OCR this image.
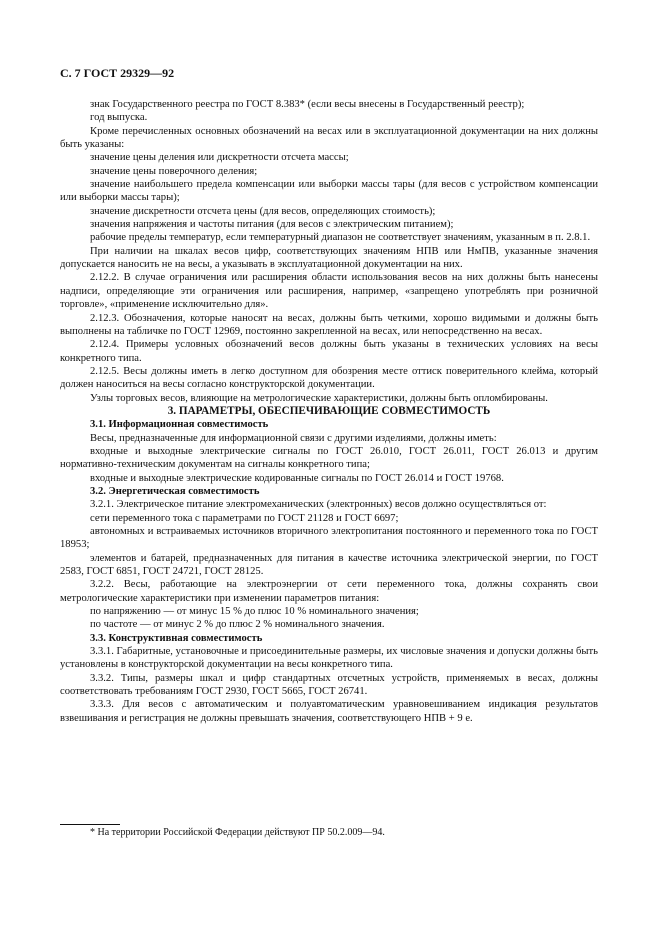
С. 7 ГОСТ 29329—92

знак Государственного реестра по ГОСТ 8.383* (если весы внесены в Государственный реестр);

год выпуска.

Кроме перечисленных основных обозначений на весах или в эксплуатационной документации на них должны быть указаны:

значение цены деления или дискретности отсчета массы;

значение цены поверочного деления;

значение наибольшего предела компенсации или выборки массы тары (для весов с устройством компенсации или выборки массы тары);

значение дискретности отсчета цены (для весов, определяющих стоимость);

значения напряжения и частоты питания (для весов с электрическим питанием);

рабочие пределы температур, если температурный диапазон не соответствует значениям, указанным в п. 2.8.1.

При наличии на шкалах весов цифр, соответствующих значениям НПВ или НмПВ, указанные значения допускается наносить не на весы, а указывать в эксплуатационной документации на них.

2.12.2. В случае ограничения или расширения области использования весов на них должны быть нанесены надписи, определяющие эти ограничения или расширения, например, «запрещено употреблять при розничной торговле», «применение исключительно для».

2.12.3. Обозначения, которые наносят на весах, должны быть четкими, хорошо видимыми и должны быть выполнены на табличке по ГОСТ 12969, постоянно закрепленной на весах, или непосредственно на весах.

2.12.4. Примеры условных обозначений весов должны быть указаны в технических условиях на весы конкретного типа.

2.12.5. Весы должны иметь в легко доступном для обозрения месте оттиск поверительного клейма, который должен наноситься на весы согласно конструкторской документации.

Узлы торговых весов, влияющие на метрологические характеристики, должны быть опломбированы.

3. ПАРАМЕТРЫ, ОБЕСПЕЧИВАЮЩИЕ СОВМЕСТИМОСТЬ

3.1. Информационная совместимость

Весы, предназначенные для информационной связи с другими изделиями, должны иметь:

входные и выходные электрические сигналы по ГОСТ 26.010, ГОСТ 26.011, ГОСТ 26.013 и другим нормативно-техническим документам на сигналы конкретного типа;

входные и выходные электрические кодированные сигналы по ГОСТ 26.014 и ГОСТ 19768.

3.2. Энергетическая совместимость

3.2.1. Электрическое питание электромеханических (электронных) весов должно осуществляться от:

сети переменного тока с параметрами по ГОСТ 21128 и ГОСТ 6697;

автономных и встраиваемых источников вторичного электропитания постоянного и переменного тока по ГОСТ 18953;

элементов и батарей, предназначенных для питания в качестве источника электрической энергии, по ГОСТ 2583, ГОСТ 6851, ГОСТ 24721, ГОСТ 28125.

3.2.2. Весы, работающие на электроэнергии от сети переменного тока, должны сохранять свои метрологические характеристики при изменении параметров питания:

по напряжению — от минус 15 % до плюс 10 % номинального значения;

по частоте — от минус 2 % до плюс 2 % номинального значения.

3.3. Конструктивная совместимость

3.3.1. Габаритные, установочные и присоединительные размеры, их числовые значения и допуски должны быть установлены в конструкторской документации на весы конкретного типа.

3.3.2. Типы, размеры шкал и цифр стандартных отсчетных устройств, применяемых в весах, должны соответствовать требованиям ГОСТ 2930, ГОСТ 5665, ГОСТ 26741.

3.3.3. Для весов с автоматическим и полуавтоматическим уравновешиванием индикация результатов взвешивания и регистрация не должны превышать значения, соответствующего НПВ + 9 е.

* На территории Российской Федерации действуют ПР 50.2.009—94.
